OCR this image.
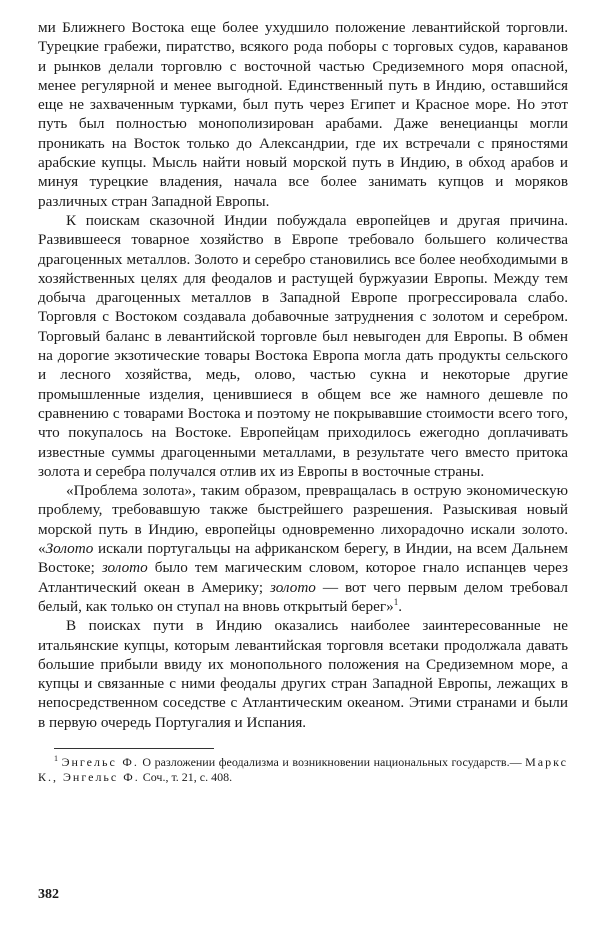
ми Ближнего Востока еще более ухудшило положение левантийской торговли. Турецкие грабежи, пиратство, всякого рода поборы с торговых судов, караванов и рынков делали торговлю с восточной частью Средиземного моря опасной, менее регулярной и менее выгодной. Единственный путь в Индию, оставшийся еще не захваченным турками, был путь через Египет и Красное море. Но этот путь был полностью монополизирован арабами. Даже венецианцы могли проникать на Восток только до Александрии, где их встречали с пряностями арабские купцы. Мысль найти новый морской путь в Индию, в обход арабов и минуя турецкие владения, начала все более занимать купцов и моряков различных стран Западной Европы.

К поискам сказочной Индии побуждала европейцев и другая причина. Развившееся товарное хозяйство в Европе требовало большего количества драгоценных металлов. Золото и серебро становились все более необходимыми в хозяйственных целях для феодалов и растущей буржуазии Европы. Между тем добыча драгоценных металлов в Западной Европе прогрессировала слабо. Торговля с Востоком создавала добавочные затруднения с золотом и серебром. Торговый баланс в левантийской торговле был невыгоден для Европы. В обмен на дорогие экзотические товары Востока Европа могла дать продукты сельского и лесного хозяйства, медь, олово, частью сукна и некоторые другие промышленные изделия, ценившиеся в общем все же намного дешевле по сравнению с товарами Востока и поэтому не покрывавшие стоимости всего того, что покупалось на Востоке. Европейцам приходилось ежегодно доплачивать известные суммы драгоценными металлами, в результате чего вместо притока золота и серебра получался отлив их из Европы в восточные страны.

«Проблема золота», таким образом, превращалась в острую экономическую проблему, требовавшую также быстрейшего разрешения. Разыскивая новый морской путь в Индию, европейцы одновременно лихорадочно искали золото. «Золото искали португальцы на африканском берегу, в Индии, на всем Дальнем Востоке; золото было тем магическим словом, которое гнало испанцев через Атлантический океан в Америку; золото — вот чего первым делом требовал белый, как только он ступал на вновь открытый берег»$^1$.

В поисках пути в Индию оказались наиболее заинтересованные не итальянские купцы, которым левантийская торговля всетаки продолжала давать большие прибыли ввиду их монопольного положения на Средиземном море, а купцы и связанные с ними феодалы других стран Западной Европы, лежащих в непосредственном соседстве с Атлантическим океаном. Этими странами и были в первую очередь Португалия и Испания.

$^1$ Энгельс Ф. О разложении феодализма и возникновении национальных государств.— Маркс К., Энгельс Ф. Соч., т. 21, с. 408.

382
